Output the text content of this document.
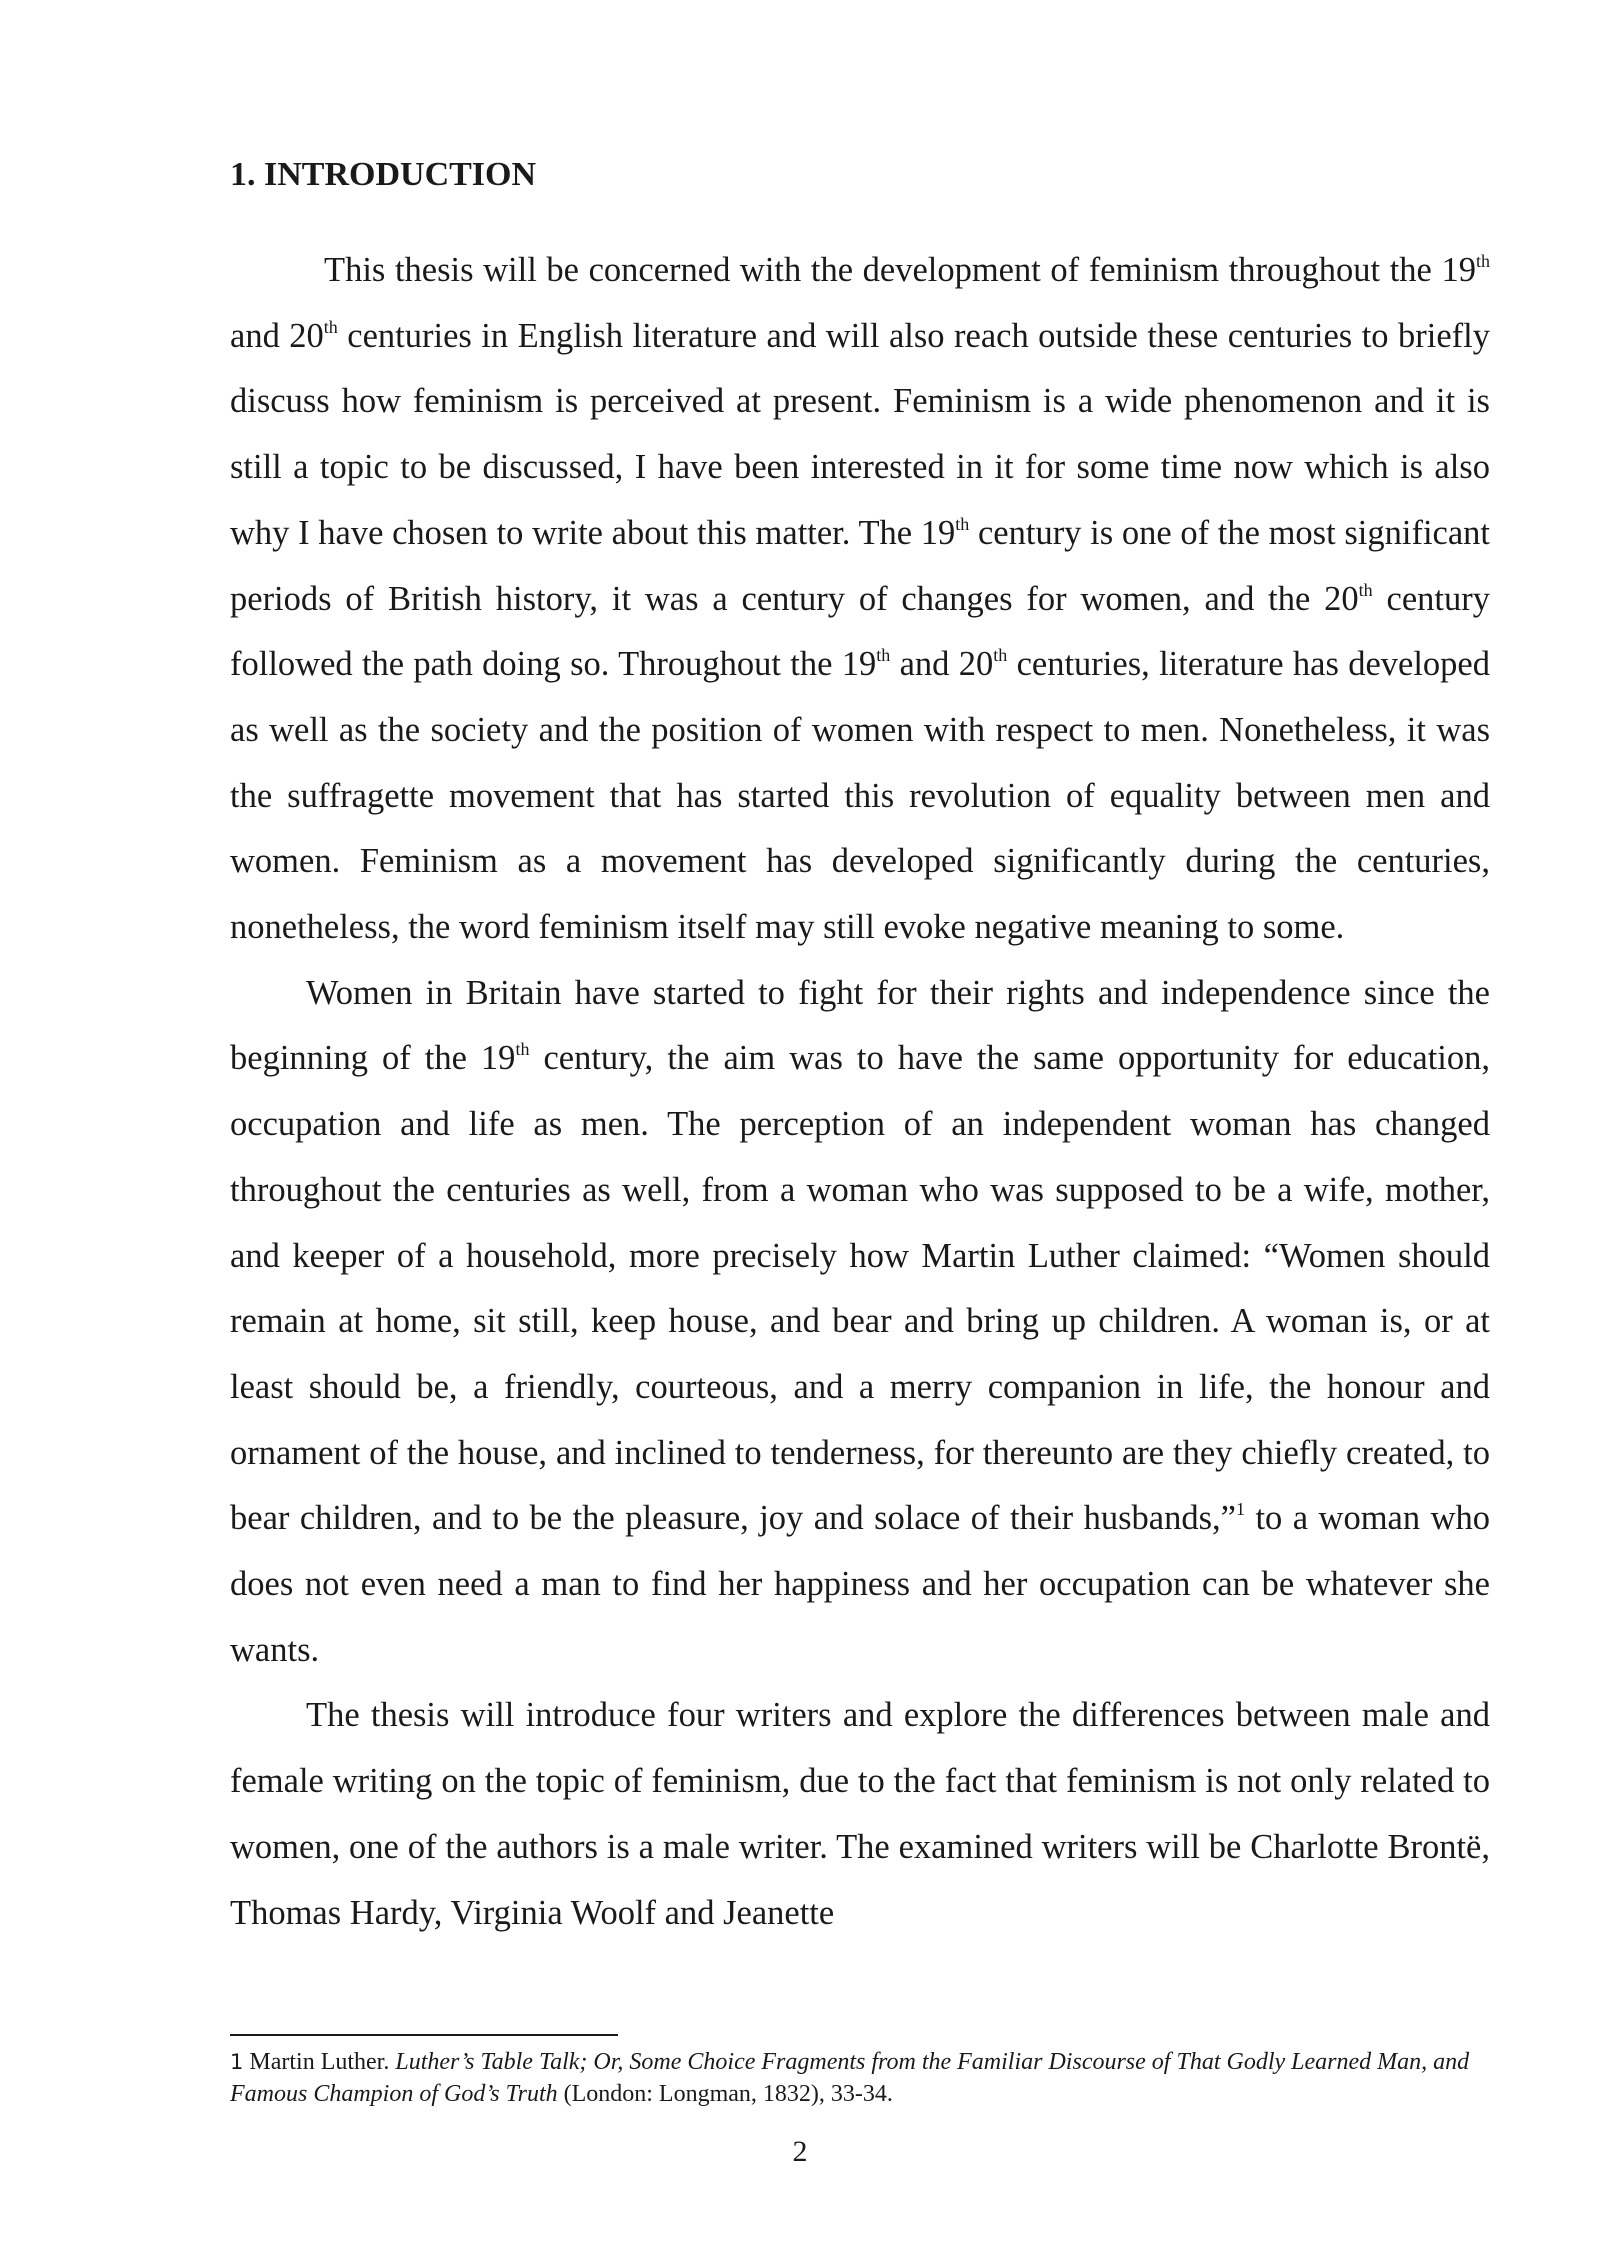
1. INTRODUCTION

This thesis will be concerned with the development of feminism throughout the 19th and 20th centuries in English literature and will also reach outside these centuries to briefly discuss how feminism is perceived at present. Feminism is a wide phenomenon and it is still a topic to be discussed, I have been interested in it for some time now which is also why I have chosen to write about this matter. The 19th century is one of the most significant periods of British history, it was a century of changes for women, and the 20th century followed the path doing so. Throughout the 19th and 20th centuries, literature has developed as well as the society and the position of women with respect to men. Nonetheless, it was the suffragette movement that has started this revolution of equality between men and women. Feminism as a movement has developed significantly during the centuries, nonetheless, the word feminism itself may still evoke negative meaning to some.

Women in Britain have started to fight for their rights and independence since the beginning of the 19th century, the aim was to have the same opportunity for education, occupation and life as men. The perception of an independent woman has changed throughout the centuries as well, from a woman who was supposed to be a wife, mother, and keeper of a household, more precisely how Martin Luther claimed: “Women should remain at home, sit still, keep house, and bear and bring up children. A woman is, or at least should be, a friendly, courteous, and a merry companion in life, the honour and ornament of the house, and inclined to tenderness, for thereunto are they chiefly created, to bear children, and to be the pleasure, joy and solace of their husbands,”$^1$ to a woman who does not even need a man to find her happiness and her occupation can be whatever she wants.

The thesis will introduce four writers and explore the differences between male and female writing on the topic of feminism, due to the fact that feminism is not only related to women, one of the authors is a male writer. The examined writers will be Charlotte Brontë, Thomas Hardy, Virginia Woolf and Jeanette

1 Martin Luther. Luther’s Table Talk; Or, Some Choice Fragments from the Familiar Discourse of That Godly Learned Man, and Famous Champion of God’s Truth (London: Longman, 1832), 33-34.

2
